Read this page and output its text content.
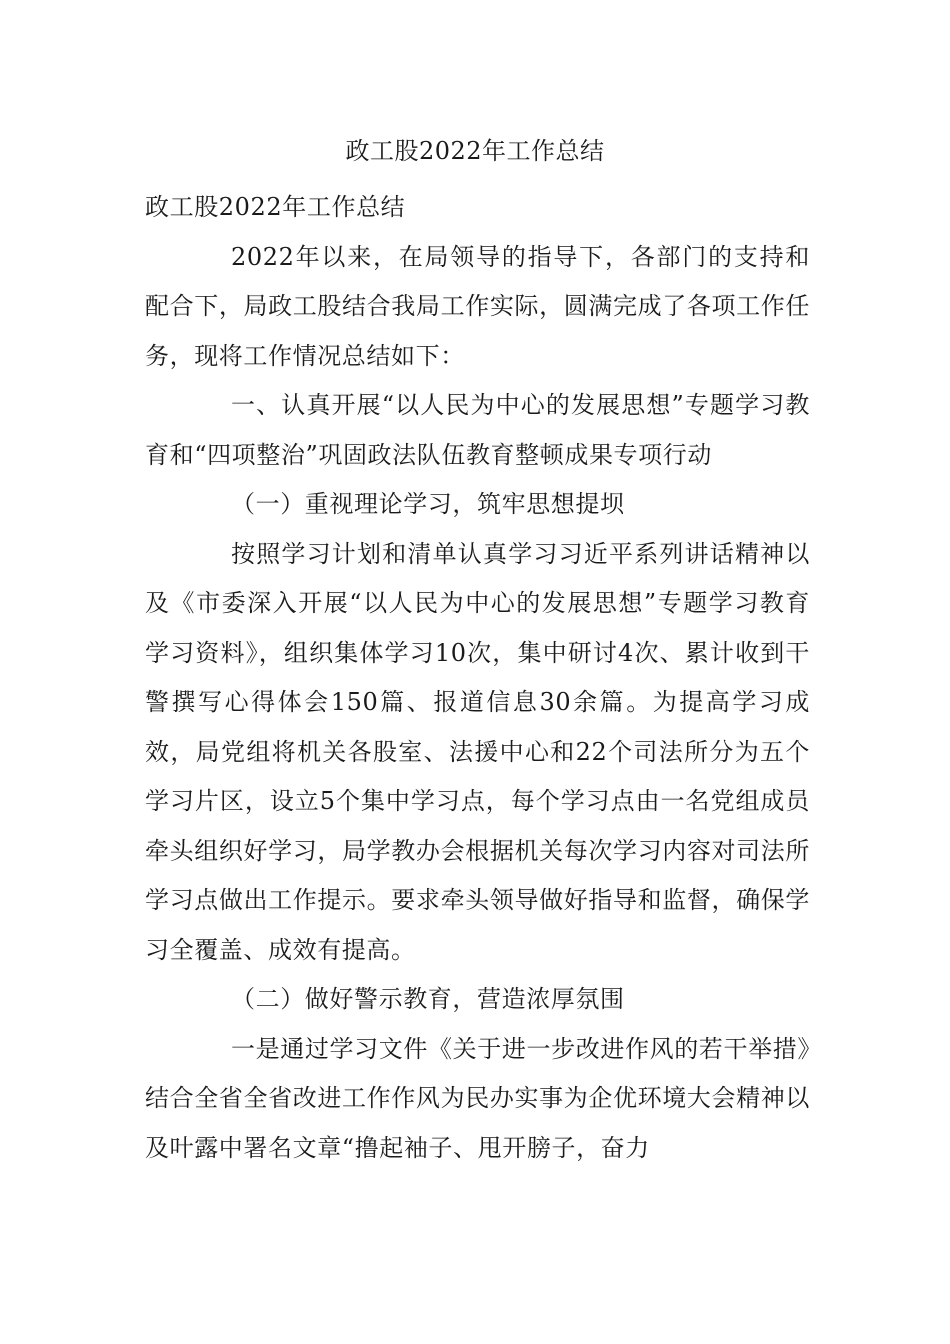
政工股2022年工作总结

政工股2022年工作总结

2022年以来，在局领导的指导下，各部门的支持和配合下，局政工股结合我局工作实际，圆满完成了各项工作任务，现将工作情况总结如下：

一、认真开展“以人民为中心的发展思想”专题学习教育和“四项整治”巩固政法队伍教育整顿成果专项行动

（一）重视理论学习，筑牢思想提坝

按照学习计划和清单认真学习习近平系列讲话精神以及《市委深入开展“以人民为中心的发展思想”专题学习教育学习资料》，组织集体学习10次，集中研讨4次、累计收到干警撰写心得体会150篇、报道信息30余篇。为提高学习成效，局党组将机关各股室、法援中心和22个司法所分为五个学习片区，设立5个集中学习点，每个学习点由一名党组成员牵头组织好学习，局学教办会根据机关每次学习内容对司法所学习点做出工作提示。要求牵头领导做好指导和监督，确保学习全覆盖、成效有提高。

（二）做好警示教育，营造浓厚氛围

一是通过学习文件《关于进一步改进作风的若干举措》结合全省全省改进工作作风为民办实事为企优环境大会精神以及叶露中署名文章“撸起袖子、甩开膀子，奋力
